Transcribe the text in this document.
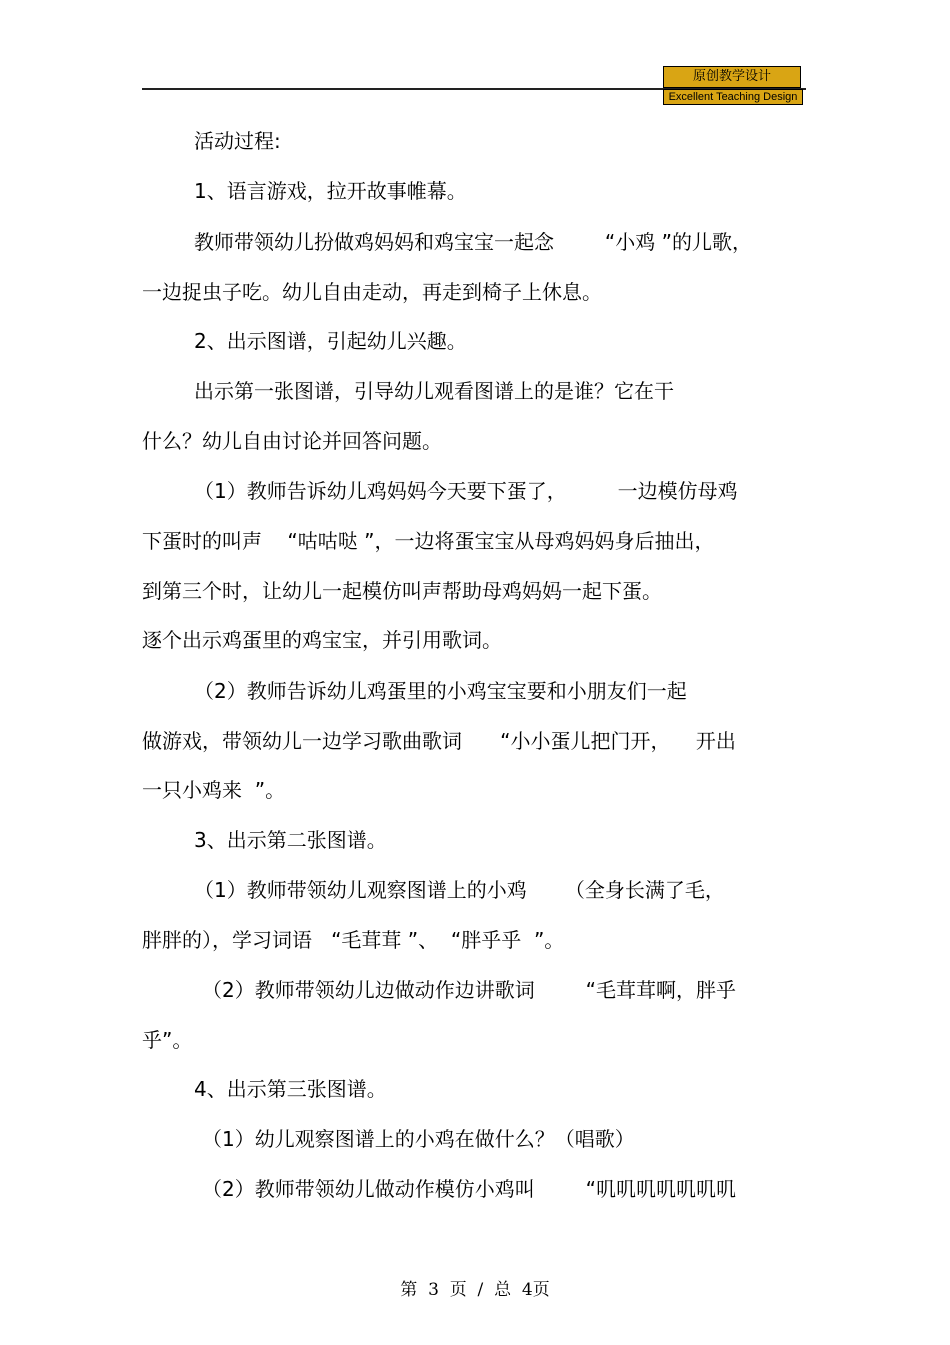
原创教学设计
Excellent Teaching Design
活动过程:
1、语言游戏，拉开故事帷幕。
教师带领幼儿扮做鸡妈妈和鸡宝宝一起念        “小鸡 ”的儿歌，
一边捉虫子吃。幼儿自由走动，再走到椅子上休息。
2、出示图谱，引起幼儿兴趣。
出示第一张图谱，引导幼儿观看图谱上的是谁？它在干
什么？幼儿自由讨论并回答问题。
（1）教师告诉幼儿鸡妈妈今天要下蛋了，        一边模仿母鸡
下蛋时的叫声    “咕咕哒 ”，一边将蛋宝宝从母鸡妈妈身后抽出，
到第三个时，让幼儿一起模仿叫声帮助母鸡妈妈一起下蛋。
逐个出示鸡蛋里的鸡宝宝，并引用歌词。
（2）教师告诉幼儿鸡蛋里的小鸡宝宝要和小朋友们一起
做游戏，带领幼儿一边学习歌曲歌词      “小小蛋儿把门开，    开出
一只小鸡来  ”。
3、出示第二张图谱。
（1）教师带领幼儿观察图谱上的小鸡      （全身长满了毛，
胖胖的），学习词语   “毛茸茸 ”、  “胖乎乎  ”。
（2）教师带领幼儿边做动作边讲歌词        “毛茸茸啊，胖乎
乎”。
4、出示第三张图谱。
（1）幼儿观察图谱上的小鸡在做什么？（唱歌）
（2）教师带领幼儿做动作模仿小鸡叫        “叽叽叽叽叽叽叽
第  3  页  /  总  4页
